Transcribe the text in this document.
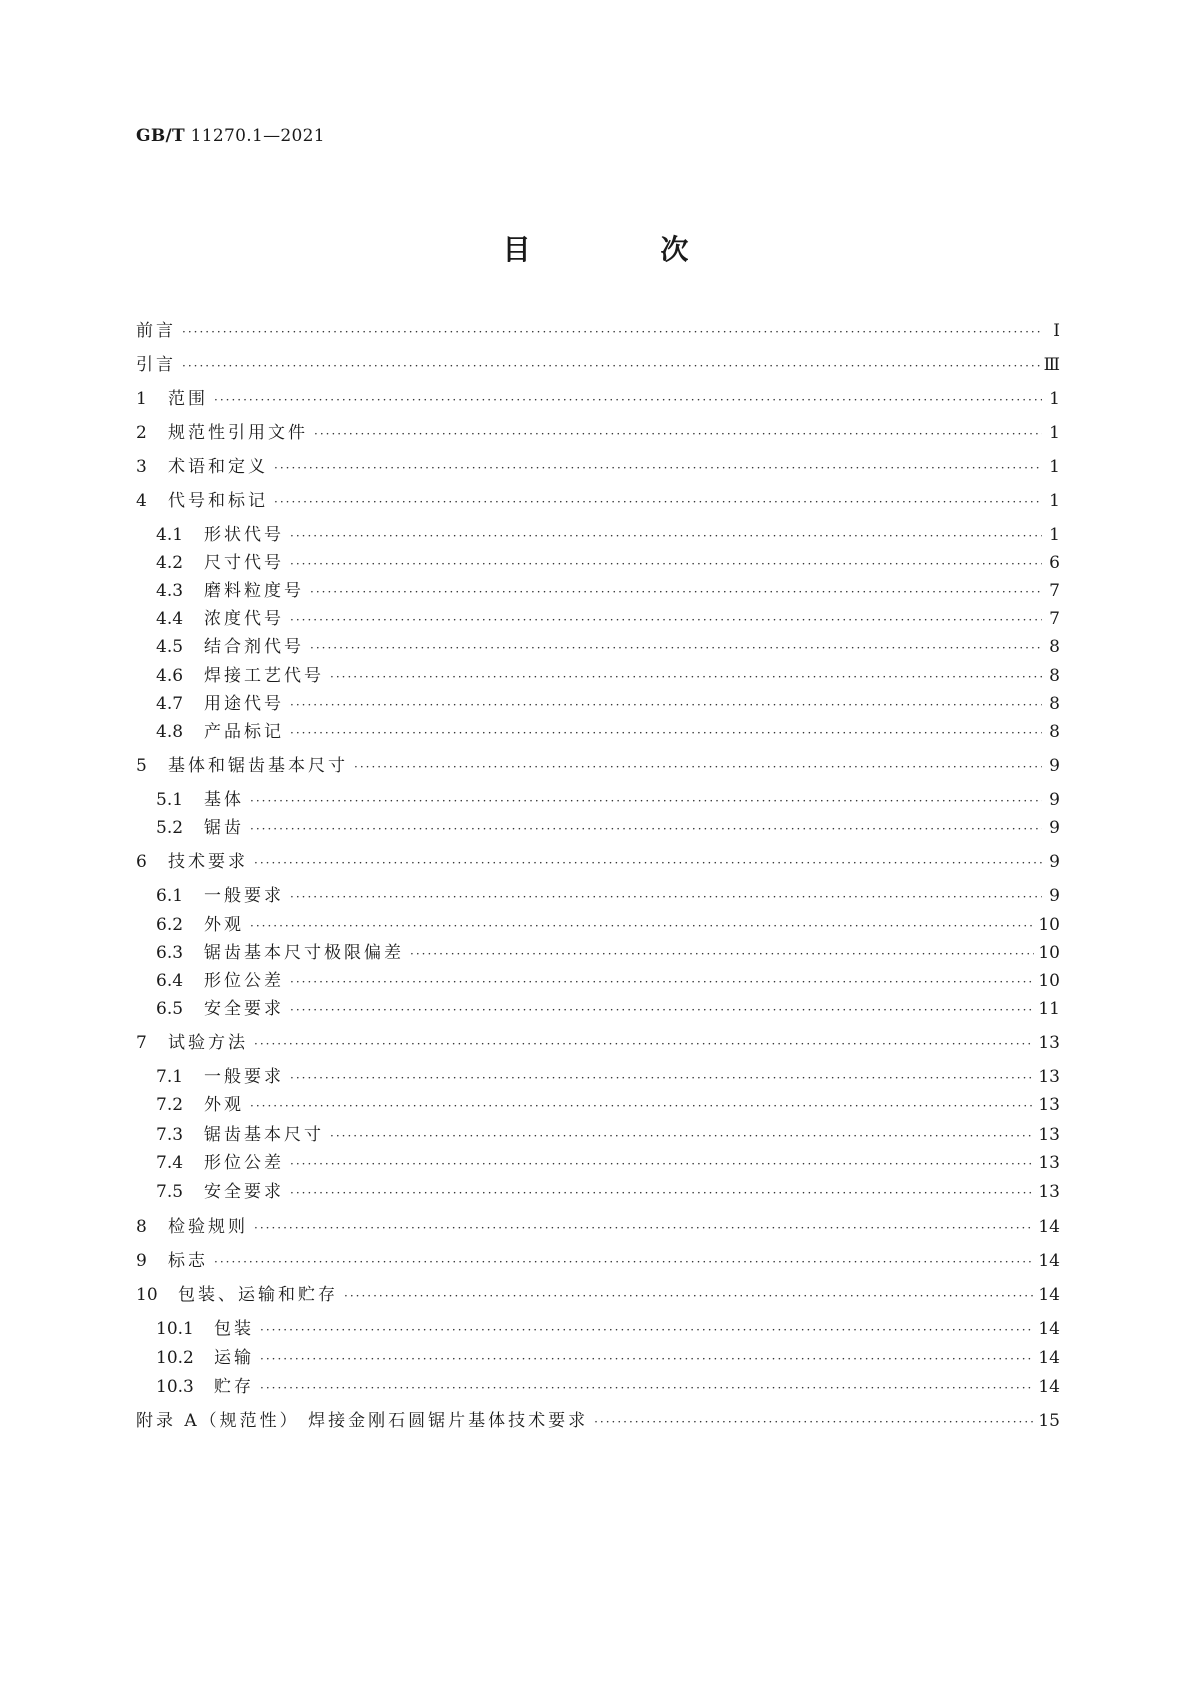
GB/T 11270.1—2021
目 次
前言 ·····	Ⅰ
引言 ·····	Ⅲ
1	范围 ·····	1
2	规范性引用文件 ·····	1
3	术语和定义 ·····	1
4	代号和标记 ·····	1
4.1	形状代号 ·····	1
4.2	尺寸代号 ·····	6
4.3	磨料粒度号 ·····	7
4.4	浓度代号 ·····	7
4.5	结合剂代号 ·····	8
4.6	焊接工艺代号 ·····	8
4.7	用途代号 ·····	8
4.8	产品标记 ·····	8
5	基体和锯齿基本尺寸 ·····	9
5.1	基体 ·····	9
5.2	锯齿 ·····	9
6	技术要求 ·····	9
6.1	一般要求 ·····	9
6.2	外观 ·····	10
6.3	锯齿基本尺寸极限偏差 ·····	10
6.4	形位公差 ·····	10
6.5	安全要求 ·····	11
7	试验方法 ·····	13
7.1	一般要求 ·····	13
7.2	外观 ·····	13
7.3	锯齿基本尺寸 ·····	13
7.4	形位公差 ·····	13
7.5	安全要求 ·····	13
8	检验规则 ·····	14
9	标志 ·····	14
10	包装、运输和贮存 ·····	14
10.1	包装 ·····	14
10.2	运输 ·····	14
10.3	贮存 ·····	14
附录 A（规范性） 焊接金刚石圆锯片基体技术要求 ·····	15
